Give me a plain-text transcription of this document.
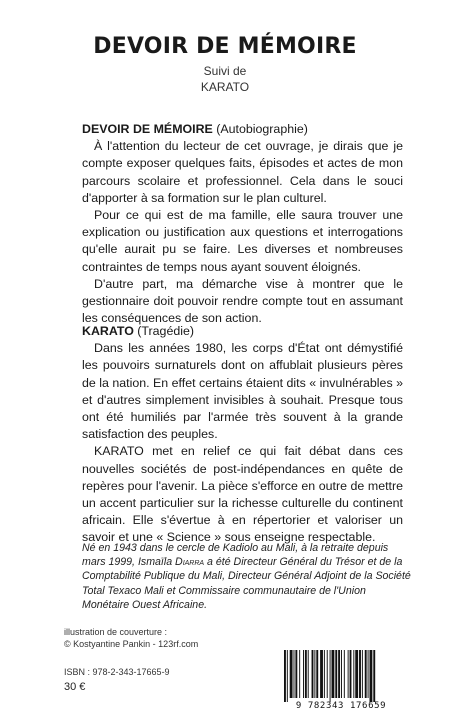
DEVOIR DE MÉMOIRE
Suivi de
KARATO
DEVOIR DE MÉMOIRE (Autobiographie)

À l'attention du lecteur de cet ouvrage, je dirais que je compte exposer quelques faits, épisodes et actes de mon parcours scolaire et professionnel. Cela dans le souci d'apporter à sa formation sur le plan culturel.

Pour ce qui est de ma famille, elle saura trouver une explication ou justification aux questions et interrogations qu'elle aurait pu se faire. Les diverses et nombreuses contraintes de temps nous ayant souvent éloignés.

D'autre part, ma démarche vise à montrer que le gestionnaire doit pouvoir rendre compte tout en assumant les conséquences de son action.

KARATO (Tragédie)

Dans les années 1980, les corps d'État ont démystifié les pouvoirs surnaturels dont on affublait plusieurs pères de la nation. En effet certains étaient dits « invulnérables » et d'autres simplement invisibles à souhait. Presque tous ont été humiliés par l'armée très souvent à la grande satisfaction des peuples.

KARATO met en relief ce qui fait débat dans ces nouvelles sociétés de post-indépendances en quête de repères pour l'avenir. La pièce s'efforce en outre de mettre un accent particulier sur la richesse culturelle du continent africain. Elle s'évertue à en répertorier et valoriser un savoir et une « Science » sous enseigne respectable.

Né en 1943 dans le cercle de Kadiolo au Mali, à la retraite depuis mars 1999, Ismaïla Diarra a été Directeur Général du Trésor et de la Comptabilité Publique du Mali, Directeur Général Adjoint de la Société Total Texaco Mali et Commissaire communautaire de l'Union Monétaire Ouest Africaine.
illustration de couverture :
© Kostyantine Pankin - 123rf.com
ISBN : 978-2-343-17665-9
30 €
9 782343 176659
